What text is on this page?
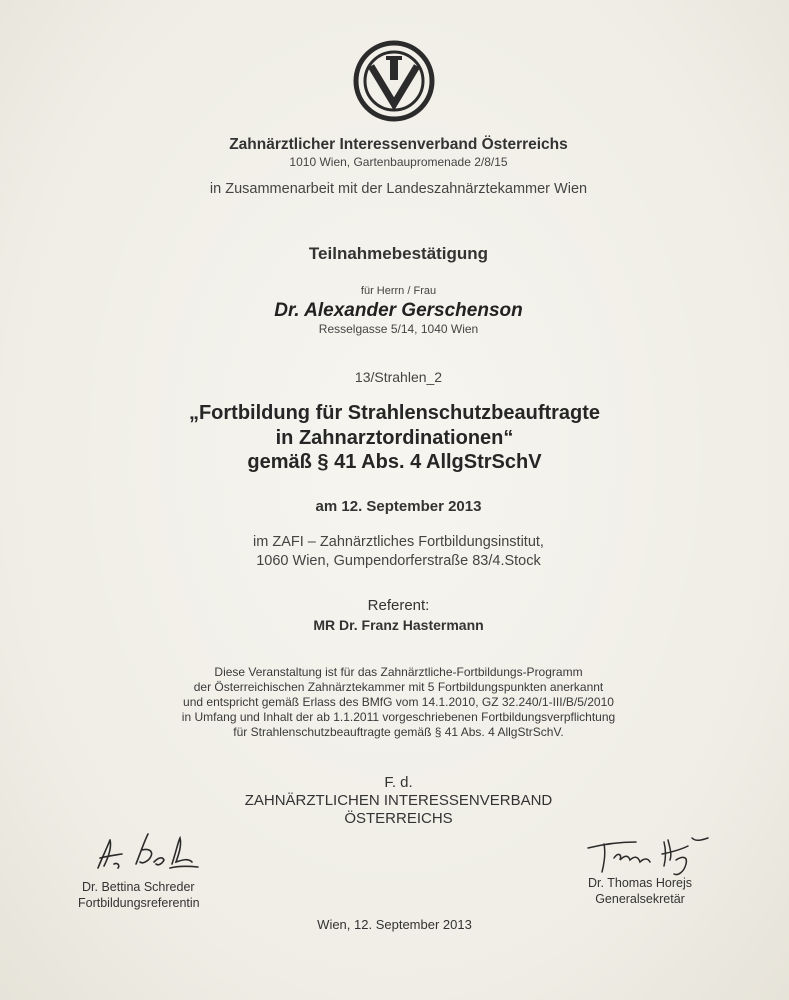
Zahnärztlicher Interessenverband Österreichs
1010 Wien, Gartenbaupromenade 2/8/15
in Zusammenarbeit mit der Landeszahnärztekammer Wien
Teilnahmebestätigung
für Herrn / Frau
Dr. Alexander Gerschenson
Resselgasse 5/14, 1040 Wien
13/Strahlen_2
„Fortbildung für Strahlenschutzbeauftragte
in Zahnarztordinationen“
gemäß § 41 Abs. 4 AllgStrSchV
am 12. September 2013
im ZAFI – Zahnärztliches Fortbildungsinstitut,
1060 Wien, Gumpendorferstraße 83/4.Stock
Referent:
MR Dr. Franz Hastermann
Diese Veranstaltung ist für das Zahnärztliche-Fortbildungs-Programm
der Österreichischen Zahnärztekammer mit 5 Fortbildungspunkten anerkannt
und entspricht gemäß Erlass des BMfG vom 14.1.2010, GZ 32.240/1-III/B/5/2010
in Umfang und Inhalt der ab 1.1.2011 vorgeschriebenen Fortbildungsverpflichtung
für Strahlenschutzbeauftragte gemäß § 41 Abs. 4 AllgStrSchV.
F. d.
ZAHNÄRZTLICHEN INTERESSENVERBAND
ÖSTERREICHS
Dr. Bettina Schreder
Fortbildungsreferentin
Dr. Thomas Horejs
Generalsekretär
Wien, 12. September 2013
